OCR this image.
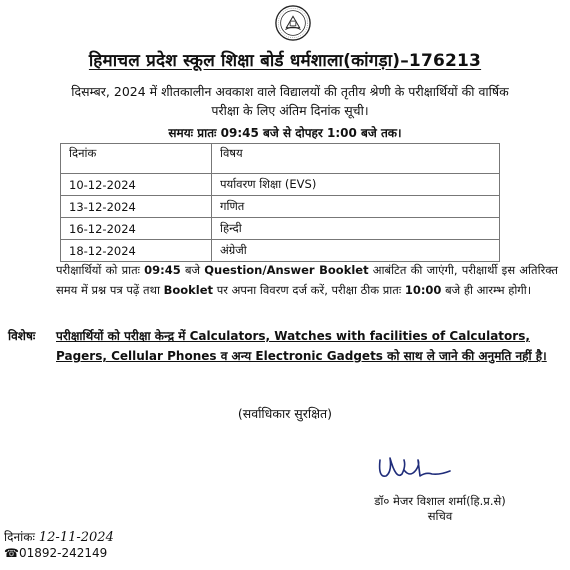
हिमाचल प्रदेश स्कूल शिक्षा बोर्ड धर्मशाला(कांगड़ा)–176213
दिसम्बर, 2024 में शीतकालीन अवकाश वाले विद्यालयों की तृतीय श्रेणी के परीक्षार्थियों की वार्षिक परीक्षा के लिए अंतिम दिनांक सूची।
समयः प्रातः 09:45 बजे से दोपहर 1:00 बजे तक।
दिनांक	विषय
10-12-2024	पर्यावरण शिक्षा (EVS)
13-12-2024	गणित
16-12-2024	हिन्दी
18-12-2024	अंग्रेजी
परीक्षार्थियों को प्रातः 09:45 बजे Question/Answer Booklet आबंटित की जाएंगी, परीक्षार्थी इस अतिरिक्त समय में प्रश्न पत्र पढ़ें तथा Booklet पर अपना विवरण दर्ज करें, परीक्षा ठीक प्रातः 10:00 बजे ही आरम्भ होगी।
विशेषः परीक्षार्थियों को परीक्षा केन्द्र में Calculators, Watches with facilities of Calculators, Pagers, Cellular Phones व अन्य Electronic Gadgets को साथ ले जाने की अनुमति नहीं है।
(सर्वाधिकार सुरक्षित)
डॉ० मेजर विशाल शर्मा(हि.प्र.से)
सचिव
दिनांकः 12-11-2024
☎01892-242149
